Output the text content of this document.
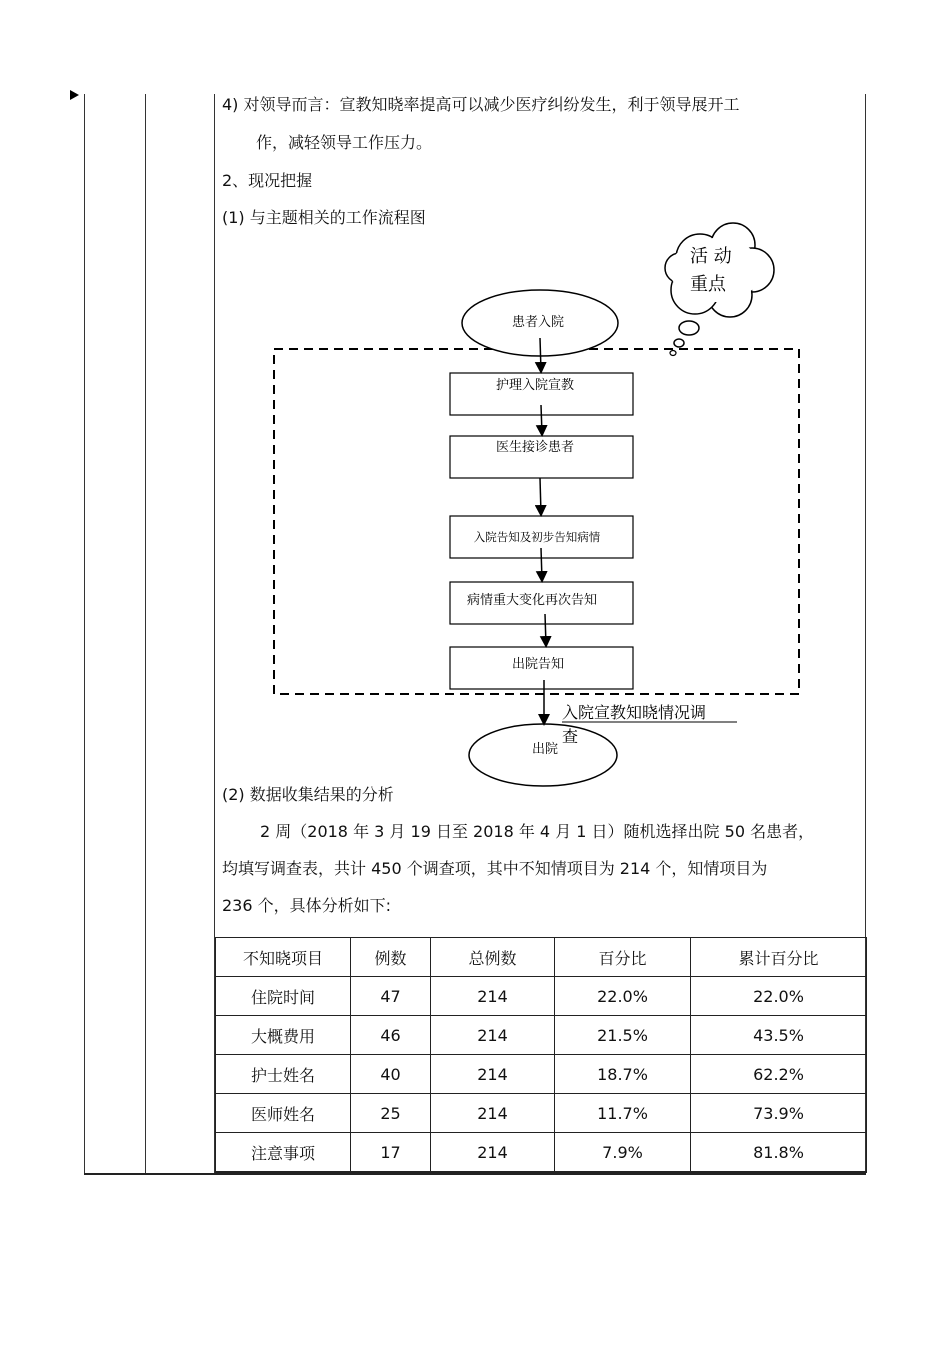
4) 对领导而言：宣教知晓率提高可以减少医疗纠纷发生，利于领导展开工
作，减轻领导工作压力。
2、现况把握
(1) 与主题相关的工作流程图
活 动
重点
患者入院
护理入院宣教
医生接诊患者
入院告知及初步告知病情
病情重大变化再次告知
出院告知
入院宣教知晓情况调
查
出院
(2) 数据收集结果的分析
2 周（2018 年 3 月 19 日至 2018 年 4 月 1 日）随机选择出院 50 名患者，
均填写调查表，共计 450 个调查项，其中不知情项目为 214 个，知情项目为
236 个，具体分析如下:
不知晓项目	例数	总例数	百分比	累计百分比
住院时间	47	214	22.0%	22.0%
大概费用	46	214	21.5%	43.5%
护士姓名	40	214	18.7%	62.2%
医师姓名	25	214	11.7%	73.9%
注意事项	17	214	7.9%	81.8%
